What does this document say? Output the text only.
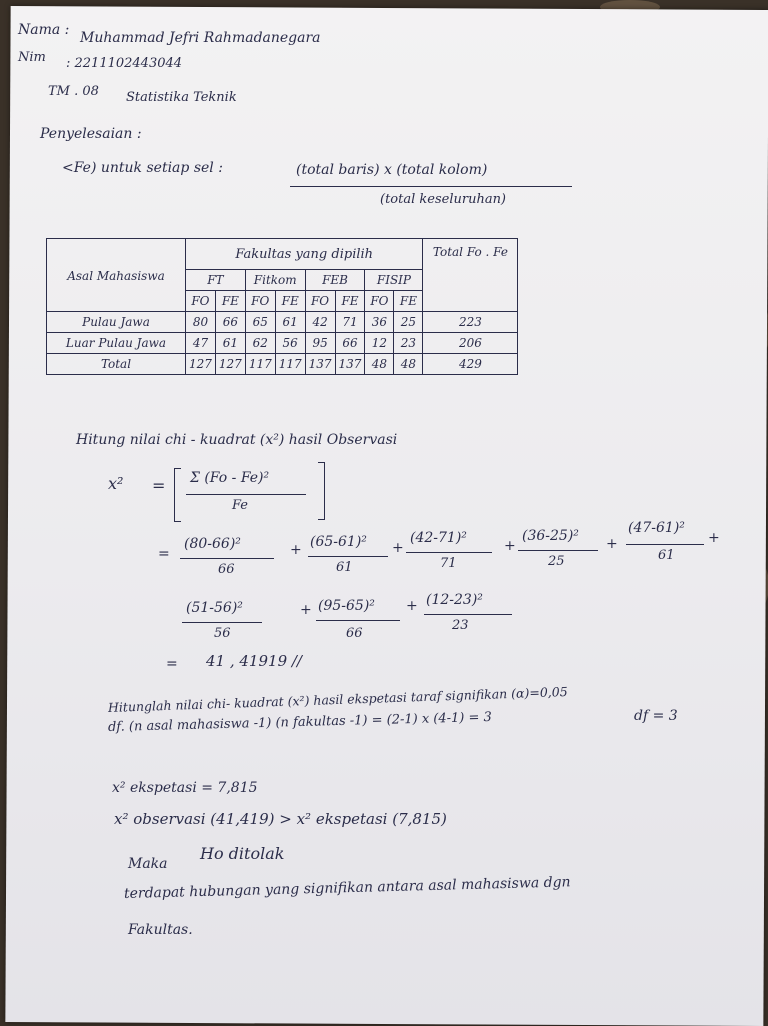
Nama : Muhammad Jefri Rahmadanegara
Nim : 2211102443044
TM . 08 Statistika Teknik
Penyelesaian :
<Fe) untuk setiap sel :	(total baris) x (total kolom)
(total keseluruhan)
Asal Mahasiswa	Fakultas yang dipilih								Total Fo . Fe
	FT		Fitkom		FEB		FISIP		
	FO	FE	FO	FE	FO	FE	FO	FE	
Pulau Jawa	80	66	65	61	42	71	36	25	223
Luar Pulau Jawa	47	61	62	56	95	66	12	23	206
Total	127	127	117	117	137	137	48	48	429
Hitung nilai chi - kuadrat (x²) hasil Observasi
x² = Σ (Fo - Fe)²
Fe
=
(80-66)²
66
+ (65-61)²
61
+
(42-71)²
71
+
(36-25)²
25
+
(47-61)²
61
+
(51-56)²
56
+ (95-65)²
66
+ (12-23)²
23
= 41 , 41919 //
Hitunglah nilai chi- kuadrat (x²) hasil ekspetasi taraf signifikan (α)=0,05
df. (n asal mahasiswa -1) (n fakultas -1) = (2-1) x (4-1) = 3	df = 3
x² ekspetasi = 7,815
x² observasi (41,419) > x² ekspetasi (7,815)
Maka
Ho ditolak
terdapat hubungan yang signifikan antara asal mahasiswa dgn
Fakultas.
